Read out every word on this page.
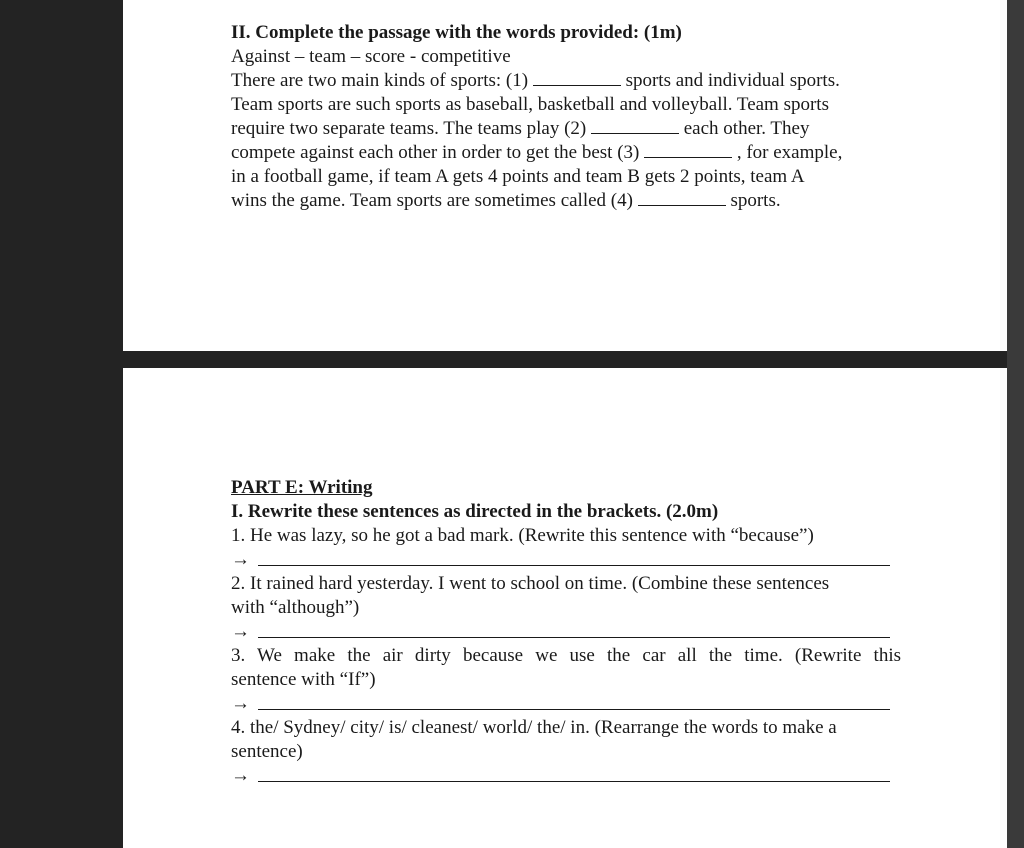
II. Complete the passage with the words provided: (1m)
Against – team – score - competitive
There are two main kinds of sports: (1)	sports and individual sports.
Team sports are such sports as baseball, basketball and volleyball. Team sports
require two separate teams. The teams play (2)	each other. They
compete against each other in order to get the best (3)	, for example,
in a football game, if team A gets 4 points and team B gets 2 points, team A
wins the game. Team sports are sometimes called (4)	sports.
PART E: Writing
I. Rewrite these sentences as directed in the brackets. (2.0m)
1. He was lazy, so he got a bad mark. (Rewrite this sentence with “because”)
→
2. It rained hard yesterday. I went to school on time. (Combine these sentences
with “although”)
→
3. We make the air dirty because we use the car all the time. (Rewrite this
sentence with “If”)
→
4. the/ Sydney/ city/ is/ cleanest/ world/ the/ in. (Rearrange the words to make a
sentence)
→
